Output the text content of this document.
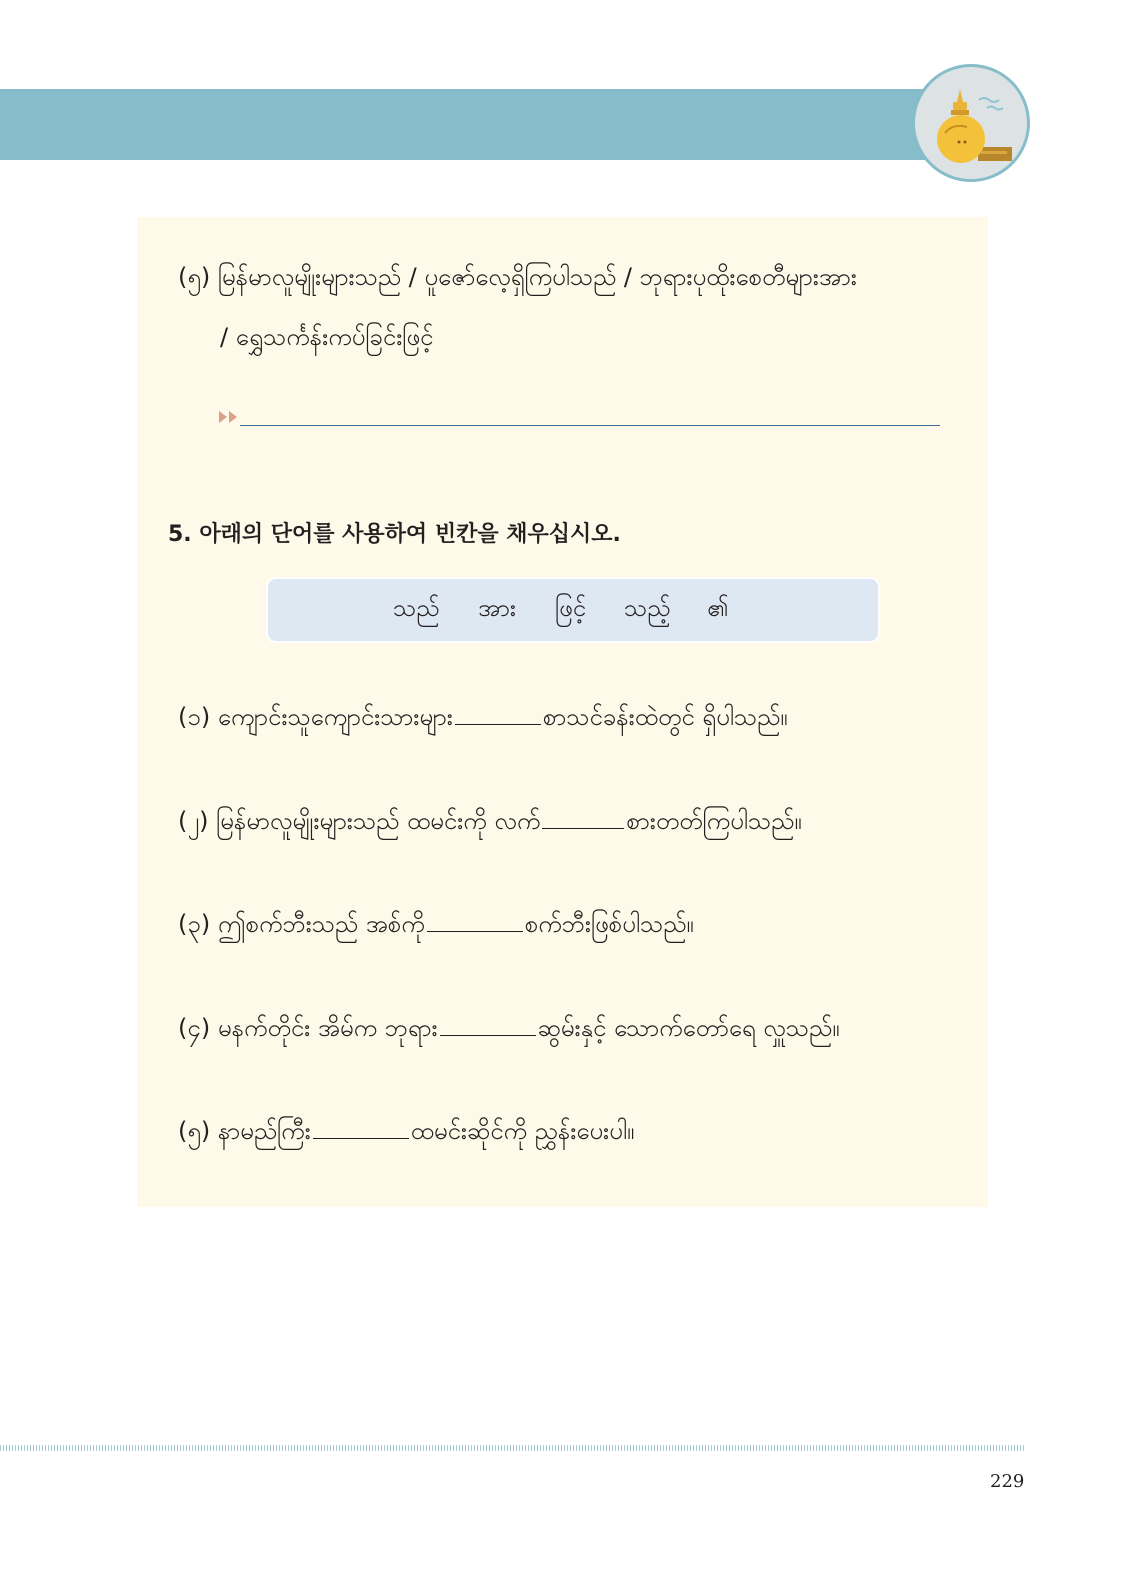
(၅) မြန်မာလူမျိုးများသည် / ပူဇော်လေ့ရှိကြပါသည် / ဘုရားပုထိုးစေတီများအား
/ ရွှေသင်္ကန်းကပ်ခြင်းဖြင့်
5. 아래의 단어를 사용하여 빈칸을 채우십시오.
သည် အား ဖြင့် သည့် ၏
(၁) ကျောင်းသူကျောင်းသားများ	စာသင်ခန်းထဲတွင် ရှိပါသည်။
(၂) မြန်မာလူမျိုးများသည် ထမင်းကို လက်	စားတတ်ကြပါသည်။
(၃) ဤစက်ဘီးသည် အစ်ကို	စက်ဘီးဖြစ်ပါသည်။
(၄) မနက်တိုင်း အိမ်က ဘုရား	ဆွမ်းနှင့် သောက်တော်ရေ လှူသည်။
(၅) နာမည်ကြီး	ထမင်းဆိုင်ကို ညွှန်းပေးပါ။
229
